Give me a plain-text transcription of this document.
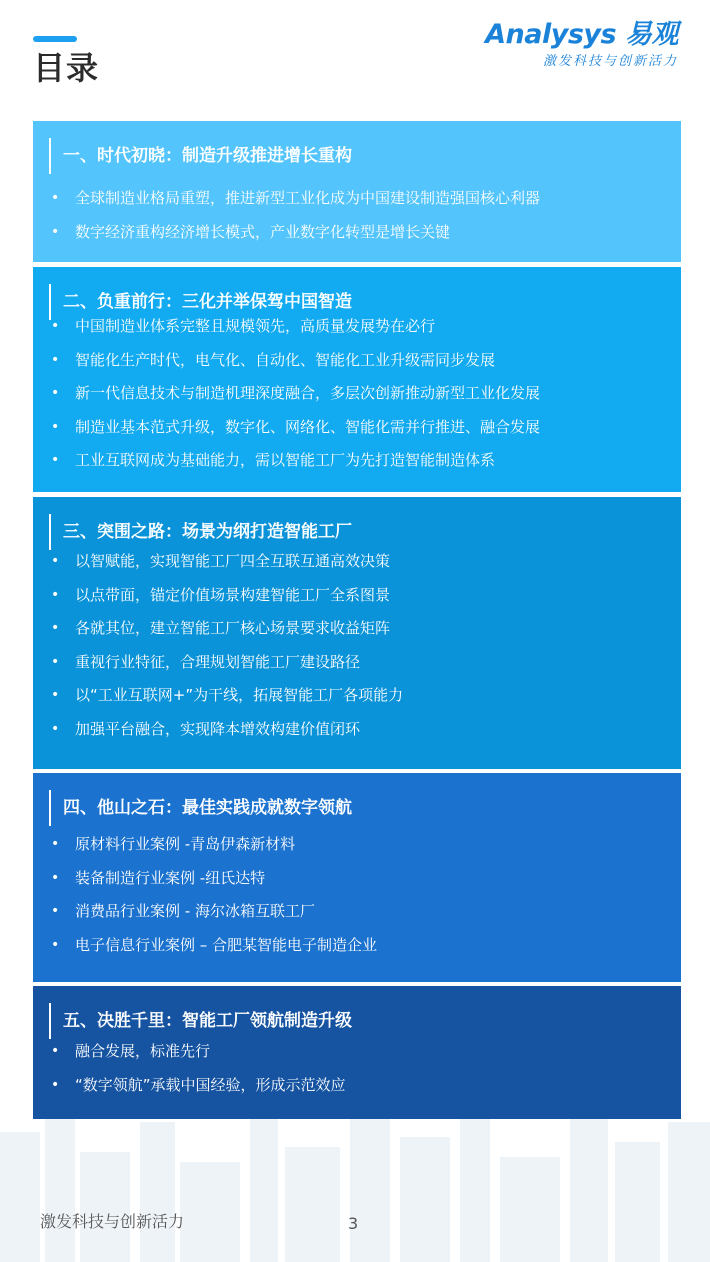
目录
Analysys 易观
激发科技与创新活力
一、时代初晓：制造升级推进增长重构
• 全球制造业格局重塑，推进新型工业化成为中国建设制造强国核心利器
• 数字经济重构经济增长模式，产业数字化转型是增长关键
二、负重前行：三化并举保驾中国智造
• 中国制造业体系完整且规模领先，高质量发展势在必行
• 智能化生产时代，电气化、自动化、智能化工业升级需同步发展
• 新一代信息技术与制造机理深度融合，多层次创新推动新型工业化发展
• 制造业基本范式升级，数字化、网络化、智能化需并行推进、融合发展
• 工业互联网成为基础能力，需以智能工厂为先打造智能制造体系
三、突围之路：场景为纲打造智能工厂
• 以智赋能，实现智能工厂四全互联互通高效决策
• 以点带面，锚定价值场景构建智能工厂全系图景
• 各就其位，建立智能工厂核心场景要求收益矩阵
• 重视行业特征，合理规划智能工厂建设路径
• 以“工业互联网+”为干线，拓展智能工厂各项能力
• 加强平台融合，实现降本增效构建价值闭环
四、他山之石：最佳实践成就数字领航
• 原材料行业案例 -青岛伊森新材料
• 装备制造行业案例 -纽氏达特
• 消费品行业案例 - 海尔冰箱互联工厂
• 电子信息行业案例 – 合肥某智能电子制造企业
五、决胜千里：智能工厂领航制造升级
• 融合发展，标准先行
• “数字领航”承载中国经验，形成示范效应
激发科技与创新活力	3
